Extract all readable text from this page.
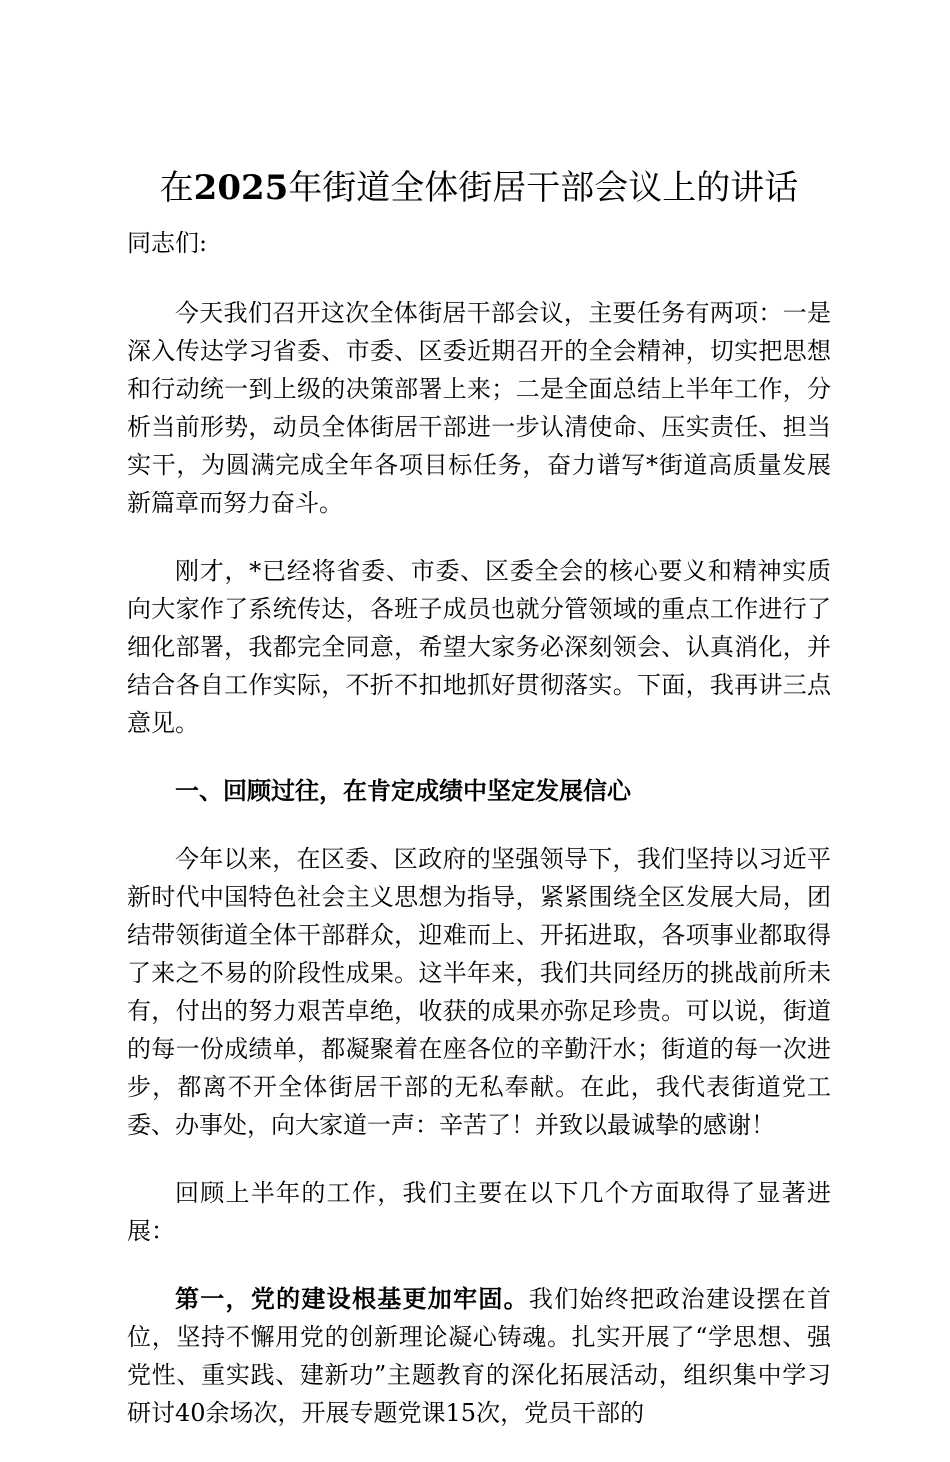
在2025年街道全体街居干部会议上的讲话
同志们:

今天我们召开这次全体街居干部会议，主要任务有两项：一是深入传达学习省委、市委、区委近期召开的全会精神，切实把思想和行动统一到上级的决策部署上来；二是全面总结上半年工作，分析当前形势，动员全体街居干部进一步认清使命、压实责任、担当实干，为圆满完成全年各项目标任务，奋力谱写*街道高质量发展新篇章而努力奋斗。

刚才，*已经将省委、市委、区委全会的核心要义和精神实质向大家作了系统传达，各班子成员也就分管领域的重点工作进行了细化部署，我都完全同意，希望大家务必深刻领会、认真消化，并结合各自工作实际，不折不扣地抓好贯彻落实。下面，我再讲三点意见。

一、回顾过往，在肯定成绩中坚定发展信心

今年以来，在区委、区政府的坚强领导下，我们坚持以习近平新时代中国特色社会主义思想为指导，紧紧围绕全区发展大局，团结带领街道全体干部群众，迎难而上、开拓进取，各项事业都取得了来之不易的阶段性成果。这半年来，我们共同经历的挑战前所未有，付出的努力艰苦卓绝，收获的成果亦弥足珍贵。可以说，街道的每一份成绩单，都凝聚着在座各位的辛勤汗水；街道的每一次进步，都离不开全体街居干部的无私奉献。在此，我代表街道党工委、办事处，向大家道一声：辛苦了！并致以最诚挚的感谢！

回顾上半年的工作，我们主要在以下几个方面取得了显著进展：

第一，党的建设根基更加牢固。我们始终把政治建设摆在首位，坚持不懈用党的创新理论凝心铸魂。扎实开展了“学思想、强党性、重实践、建新功”主题教育的深化拓展活动，组织集中学习研讨40余场次，开展专题党课15次，党员干部的
